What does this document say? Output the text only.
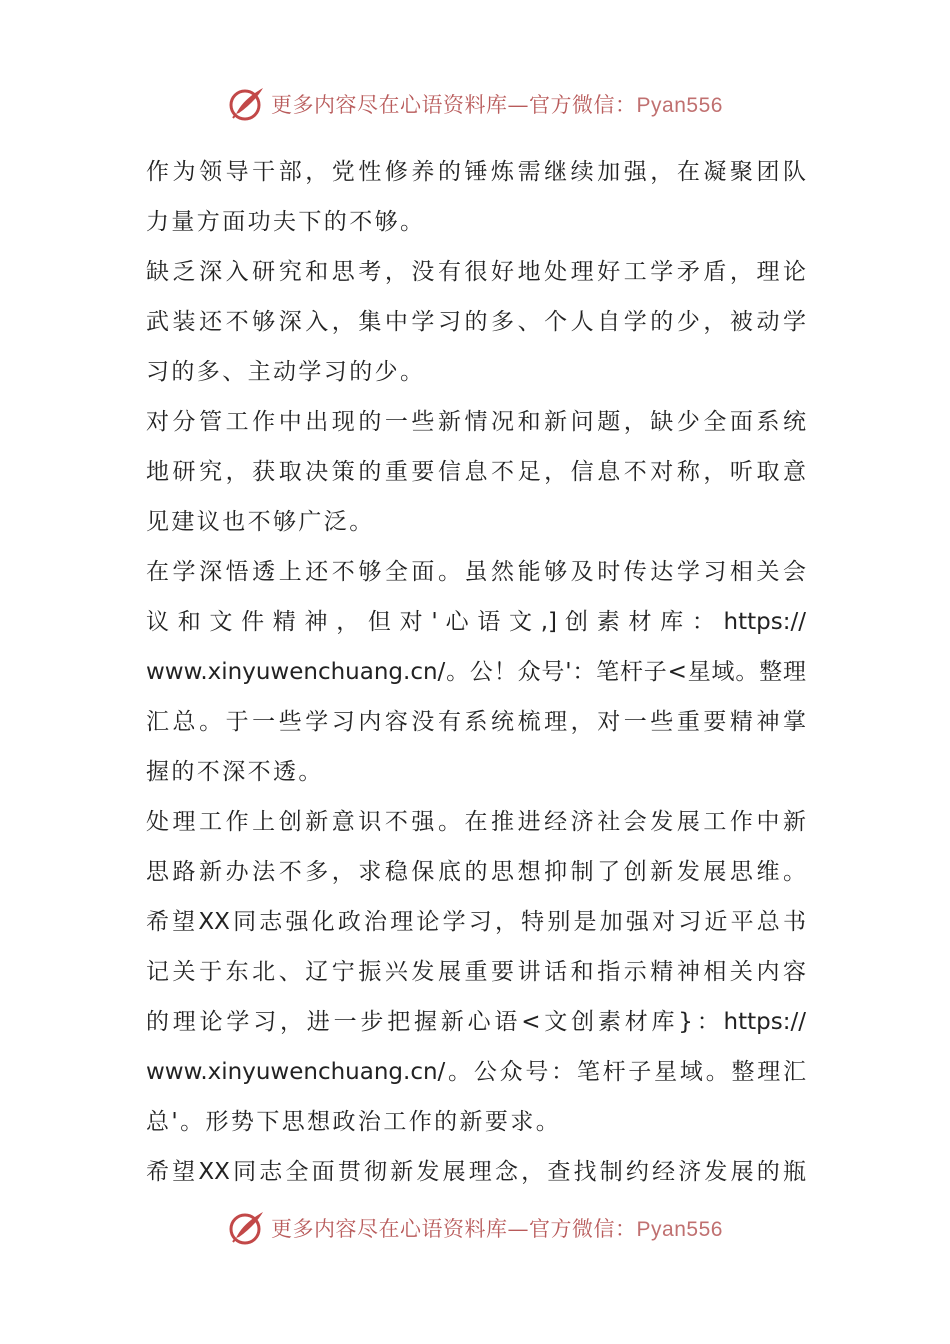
更多内容尽在心语资料库—官方微信：Pyan556
作为领导干部，党性修养的锤炼需继续加强，在凝聚团队
力量方面功夫下的不够。
缺乏深入研究和思考，没有很好地处理好工学矛盾，理论
武装还不够深入，集中学习的多、个人自学的少，被动学
习的多、主动学习的少。
对分管工作中出现的一些新情况和新问题，缺少全面系统
地研究，获取决策的重要信息不足，信息不对称，听取意
见建议也不够广泛。
在学深悟透上还不够全面。虽然能够及时传达学习相关会
议 和 文 件 精 神 ， 但 对 ' 心 语 文 ,] 创 素 材 库 ： https://
www.xinyuwenchuang.cn/。公！众号'：笔杆子<星域。整理
汇总。于一些学习内容没有系统梳理，对一些重要精神掌
握的不深不透。
处理工作上创新意识不强。在推进经济社会发展工作中新
思路新办法不多，求稳保底的思想抑制了创新发展思维。
希望XX同志强化政治理论学习，特别是加强对习近平总书
记关于东北、辽宁振兴发展重要讲话和指示精神相关内容
的理论学习，进一步把握新心语<文创素材库}：https://
www.xinyuwenchuang.cn/。公众号：笔杆子星域。整理汇
总'。形势下思想政治工作的新要求。
希望XX同志全面贯彻新发展理念，查找制约经济发展的瓶
更多内容尽在心语资料库—官方微信：Pyan556
